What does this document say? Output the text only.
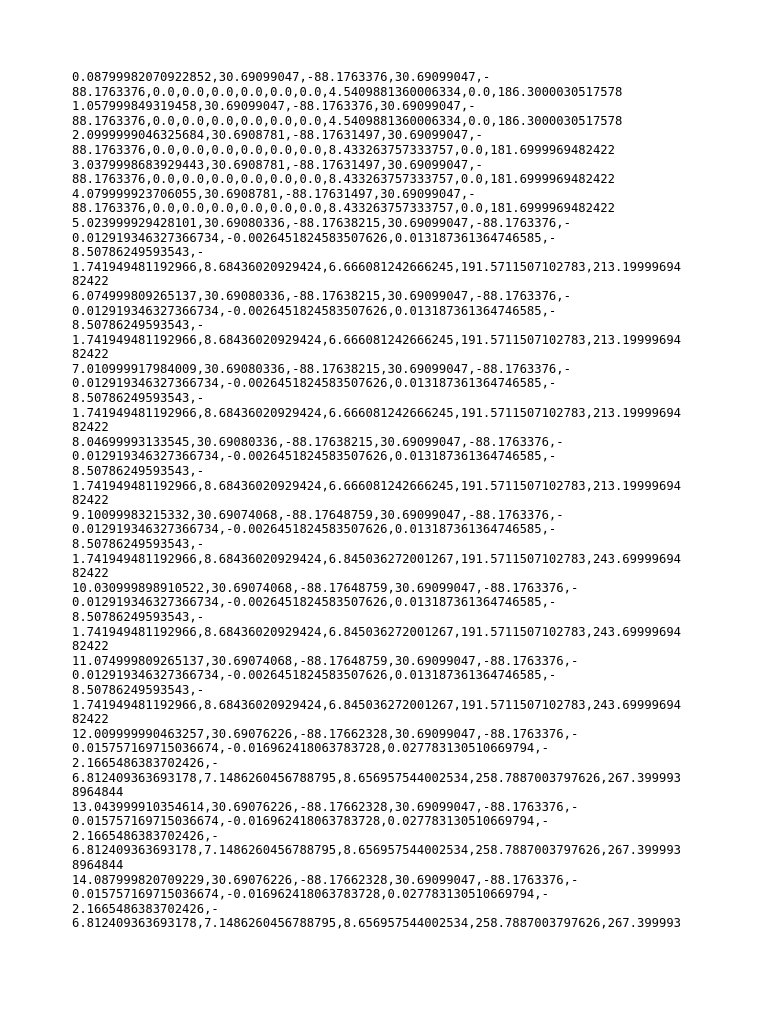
0.08799982070922852,30.69099047,-88.1763376,30.69099047,-
88.1763376,0.0,0.0,0.0,0.0,0.0,0.0,4.5409881360006334,0.0,186.3000030517578
1.057999849319458,30.69099047,-88.1763376,30.69099047,-
88.1763376,0.0,0.0,0.0,0.0,0.0,0.0,4.5409881360006334,0.0,186.3000030517578
2.0999999046325684,30.6908781,-88.17631497,30.69099047,-
88.1763376,0.0,0.0,0.0,0.0,0.0,0.0,8.433263757333757,0.0,181.6999969482422
3.0379998683929443,30.6908781,-88.17631497,30.69099047,-
88.1763376,0.0,0.0,0.0,0.0,0.0,0.0,8.433263757333757,0.0,181.6999969482422
4.079999923706055,30.6908781,-88.17631497,30.69099047,-
88.1763376,0.0,0.0,0.0,0.0,0.0,0.0,8.433263757333757,0.0,181.6999969482422
5.023999929428101,30.69080336,-88.17638215,30.69099047,-88.1763376,-
0.012919346327366734,-0.0026451824583507626,0.013187361364746585,-
8.50786249593543,-
1.741949481192966,8.68436020929424,6.666081242666245,191.5711507102783,213.19999694
82422
6.074999809265137,30.69080336,-88.17638215,30.69099047,-88.1763376,-
0.012919346327366734,-0.0026451824583507626,0.013187361364746585,-
8.50786249593543,-
1.741949481192966,8.68436020929424,6.666081242666245,191.5711507102783,213.19999694
82422
7.010999917984009,30.69080336,-88.17638215,30.69099047,-88.1763376,-
0.012919346327366734,-0.0026451824583507626,0.013187361364746585,-
8.50786249593543,-
1.741949481192966,8.68436020929424,6.666081242666245,191.5711507102783,213.19999694
82422
8.04699993133545,30.69080336,-88.17638215,30.69099047,-88.1763376,-
0.012919346327366734,-0.0026451824583507626,0.013187361364746585,-
8.50786249593543,-
1.741949481192966,8.68436020929424,6.666081242666245,191.5711507102783,213.19999694
82422
9.10099983215332,30.69074068,-88.17648759,30.69099047,-88.1763376,-
0.012919346327366734,-0.0026451824583507626,0.013187361364746585,-
8.50786249593543,-
1.741949481192966,8.68436020929424,6.845036272001267,191.5711507102783,243.69999694
82422
10.030999898910522,30.69074068,-88.17648759,30.69099047,-88.1763376,-
0.012919346327366734,-0.0026451824583507626,0.013187361364746585,-
8.50786249593543,-
1.741949481192966,8.68436020929424,6.845036272001267,191.5711507102783,243.69999694
82422
11.074999809265137,30.69074068,-88.17648759,30.69099047,-88.1763376,-
0.012919346327366734,-0.0026451824583507626,0.013187361364746585,-
8.50786249593543,-
1.741949481192966,8.68436020929424,6.845036272001267,191.5711507102783,243.69999694
82422
12.009999990463257,30.69076226,-88.17662328,30.69099047,-88.1763376,-
0.015757169715036674,-0.016962418063783728,0.027783130510669794,-
2.1665486383702426,-
6.812409363693178,7.1486260456788795,8.656957544002534,258.7887003797626,267.399993
8964844
13.043999910354614,30.69076226,-88.17662328,30.69099047,-88.1763376,-
0.015757169715036674,-0.016962418063783728,0.027783130510669794,-
2.1665486383702426,-
6.812409363693178,7.1486260456788795,8.656957544002534,258.7887003797626,267.399993
8964844
14.087999820709229,30.69076226,-88.17662328,30.69099047,-88.1763376,-
0.015757169715036674,-0.016962418063783728,0.027783130510669794,-
2.1665486383702426,-
6.812409363693178,7.1486260456788795,8.656957544002534,258.7887003797626,267.399993
